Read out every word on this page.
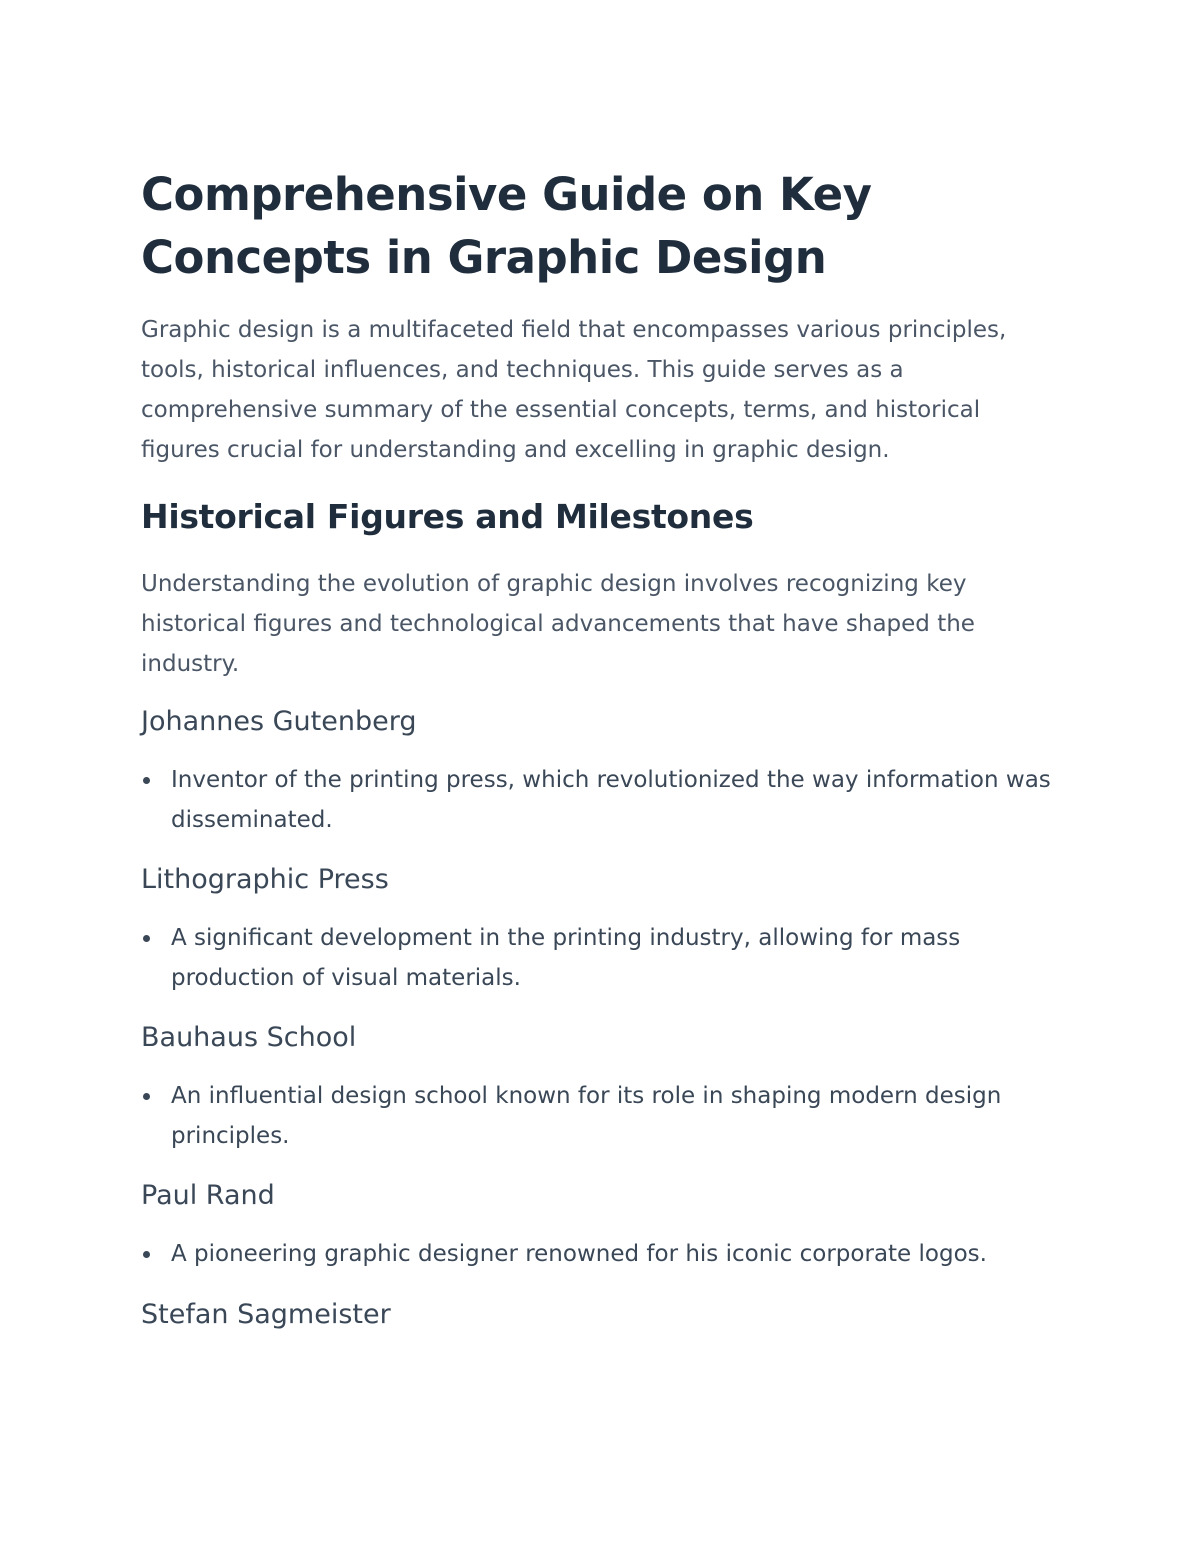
Comprehensive Guide on Key Concepts in Graphic Design

Graphic design is a multifaceted field that encompasses various principles, tools, historical influences, and techniques. This guide serves as a comprehensive summary of the essential concepts, terms, and historical figures crucial for understanding and excelling in graphic design.

Historical Figures and Milestones

Understanding the evolution of graphic design involves recognizing key historical figures and technological advancements that have shaped the industry.

Johannes Gutenberg
Inventor of the printing press, which revolutionized the way information was disseminated.
Lithographic Press
A significant development in the printing industry, allowing for mass production of visual materials.
Bauhaus School
An influential design school known for its role in shaping modern design principles.
Paul Rand
A pioneering graphic designer renowned for his iconic corporate logos.
Stefan Sagmeister
